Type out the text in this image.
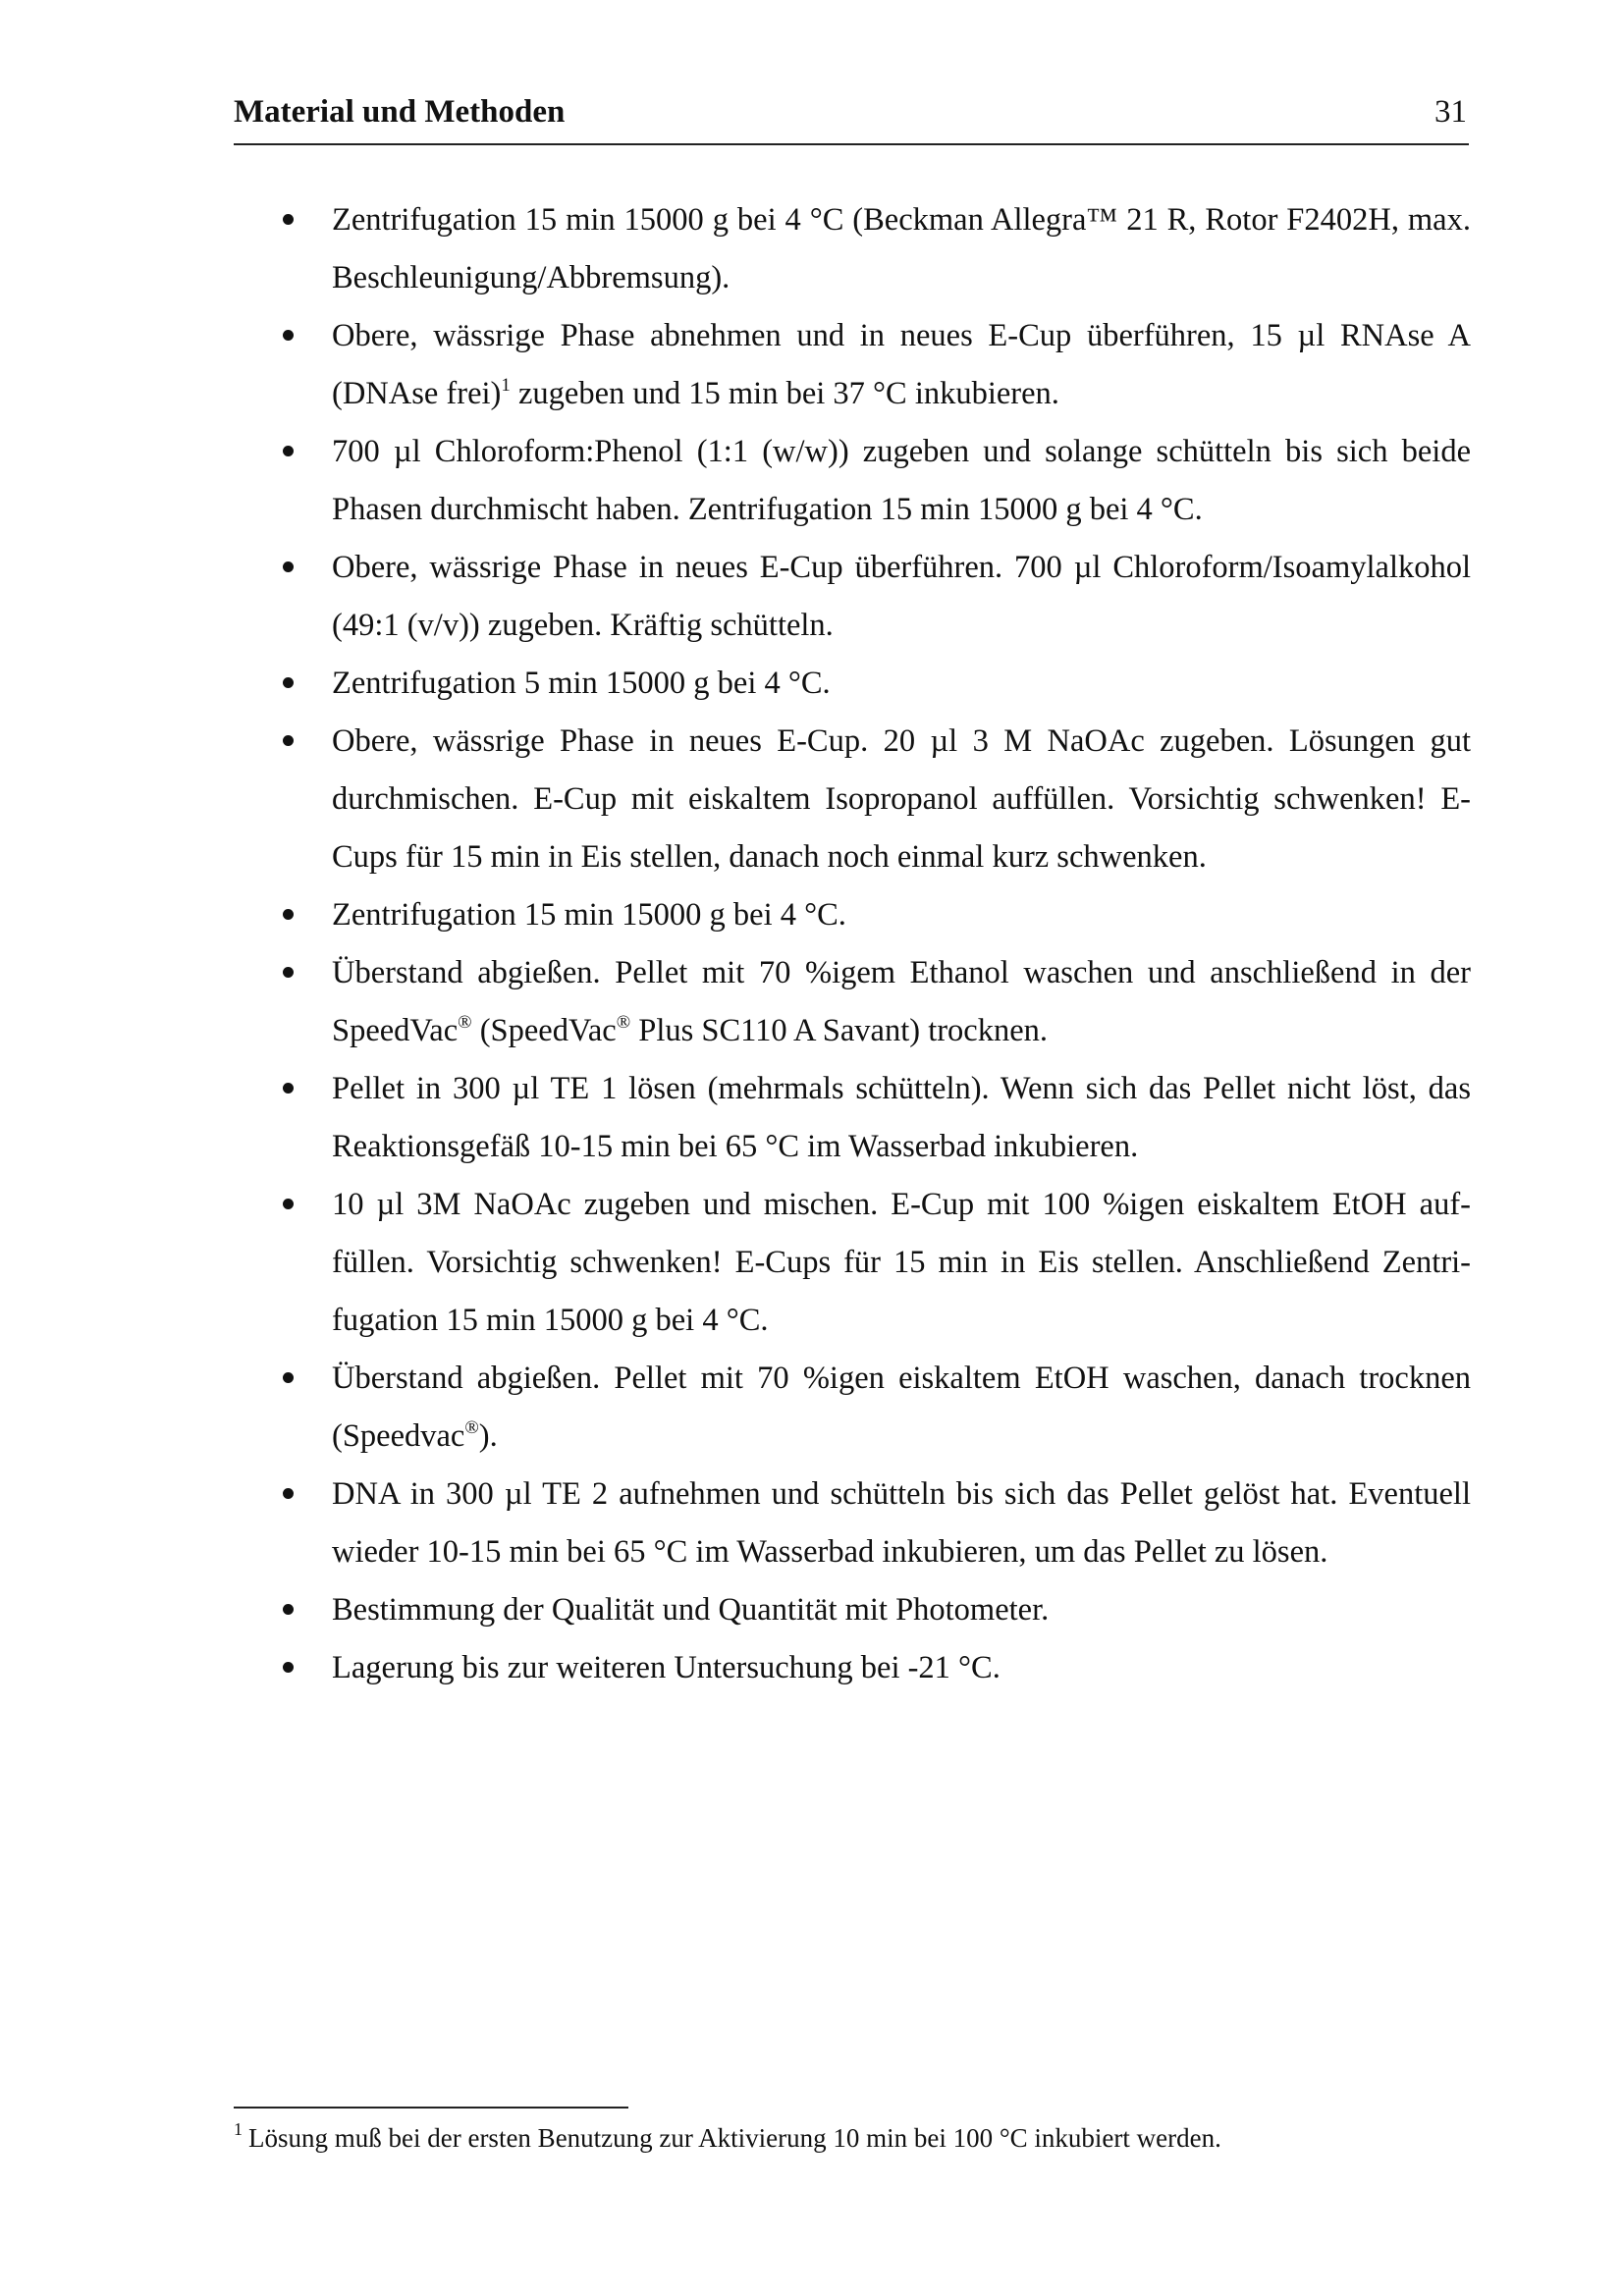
Material und Methoden	31
Zentrifugation 15 min 15000 g bei 4 °C (Beckman Allegra™ 21 R, Rotor F2402H, max. Beschleunigung/Abbremsung).
Obere, wässrige Phase abnehmen und in neues E-Cup überführen, 15 µl RNAse A (DNAse frei)$^1$ zugeben und 15 min bei 37 °C inkubieren.
700 µl Chloroform:Phenol (1:1 (w/w)) zugeben und solange schütteln bis sich beide Phasen durchmischt haben. Zentrifugation 15 min 15000 g bei 4 °C.
Obere, wässrige Phase in neues E-Cup überführen. 700 µl Chloroform/Isoamylalkohol (49:1 (v/v)) zugeben. Kräftig schütteln.
Zentrifugation 5 min 15000 g bei 4 °C.
Obere, wässrige Phase in neues E-Cup. 20 µl 3 M NaOAc zugeben. Lösungen gut durchmischen. E-Cup mit eiskaltem Isopropanol auffüllen. Vorsichtig schwenken! E-Cups für 15 min in Eis stellen, danach noch einmal kurz schwenken.
Zentrifugation 15 min 15000 g bei 4 °C.
Überstand abgießen. Pellet mit 70 %igem Ethanol waschen und anschließend in der SpeedVac® (SpeedVac® Plus SC110 A Savant) trocknen.
Pellet in 300 µl TE 1 lösen (mehrmals schütteln). Wenn sich das Pellet nicht löst, das Reaktionsgefäß 10-15 min bei 65 °C im Wasserbad inkubieren.
10 µl 3M NaOAc zugeben und mischen. E-Cup mit 100 %igen eiskaltem EtOH auf-füllen. Vorsichtig schwenken! E-Cups für 15 min in Eis stellen. Anschließend Zentri-fugation 15 min 15000 g bei 4 °C.
Überstand abgießen. Pellet mit 70 %igen eiskaltem EtOH waschen, danach trocknen (Speedvac®).
DNA in 300 µl TE 2 aufnehmen und schütteln bis sich das Pellet gelöst hat. Eventuell wieder 10-15 min bei 65 °C im Wasserbad inkubieren, um das Pellet zu lösen.
Bestimmung der Qualität und Quantität mit Photometer.
Lagerung bis zur weiteren Untersuchung bei -21 °C.
$^1$ Lösung muß bei der ersten Benutzung zur Aktivierung 10 min bei 100 °C inkubiert werden.
